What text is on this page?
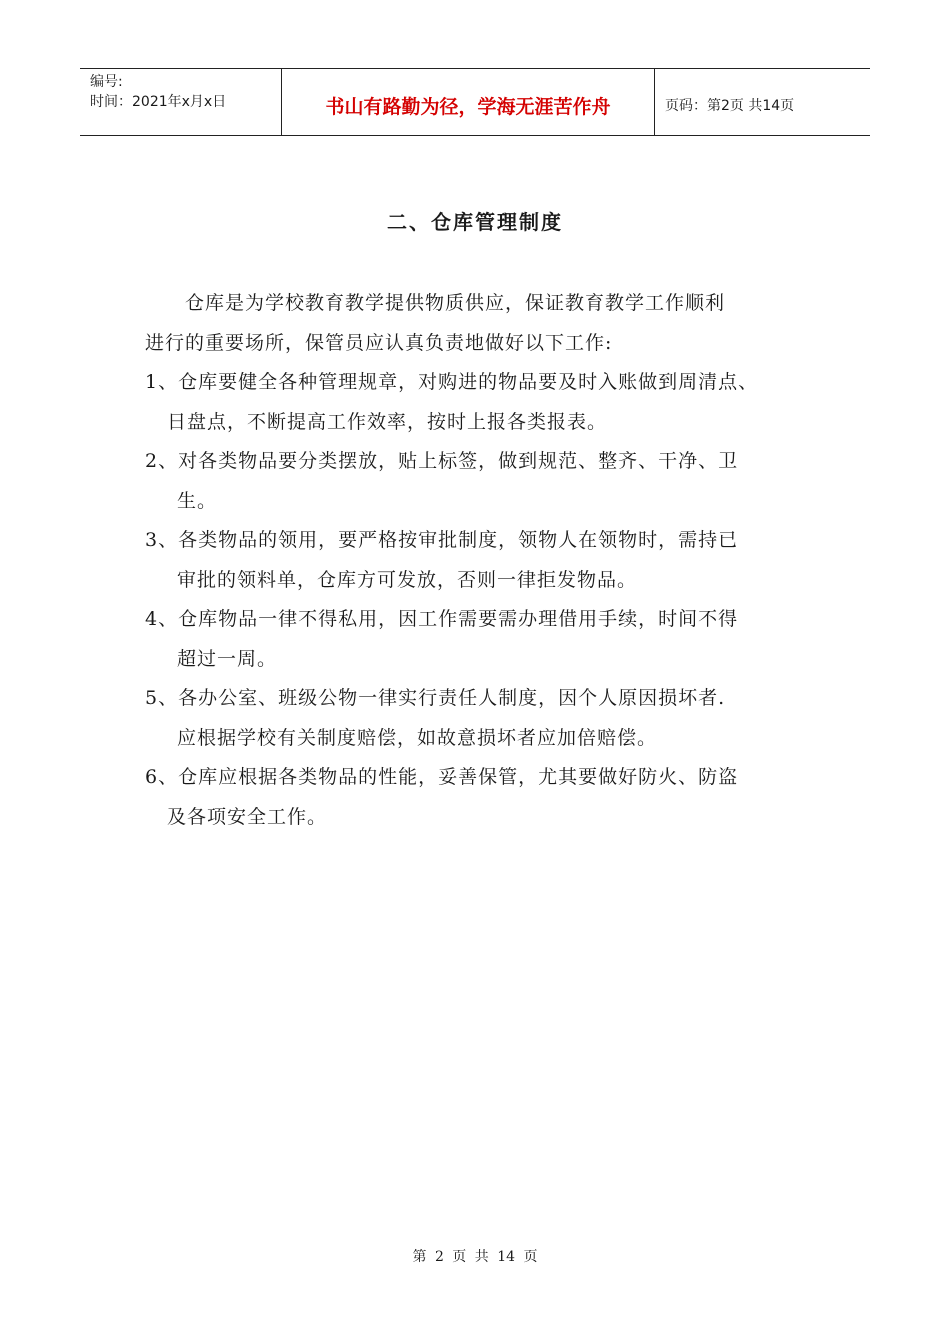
编号:
时间：2021年x月x日	书山有路勤为径，学海无涯苦作舟	页码：第2页 共14页
二、仓库管理制度
仓库是为学校教育教学提供物质供应，保证教育教学工作顺利
进行的重要场所，保管员应认真负责地做好以下工作:
1、仓库要健全各种管理规章，对购进的物品要及时入账做到周清点、
日盘点，不断提高工作效率，按时上报各类报表。
2、对各类物品要分类摆放，贴上标签，做到规范、整齐、干净、卫
生。
3、各类物品的领用，要严格按审批制度，领物人在领物时，需持已
审批的领料单，仓库方可发放，否则一律拒发物品。
4、仓库物品一律不得私用，因工作需要需办理借用手续，时间不得
超过一周。
5、各办公室、班级公物一律实行责任人制度，因个人原因损坏者.
应根据学校有关制度赔偿，如故意损坏者应加倍赔偿。
6、仓库应根据各类物品的性能，妥善保管，尤其要做好防火、防盗
及各项安全工作。
第 2 页 共 14 页
